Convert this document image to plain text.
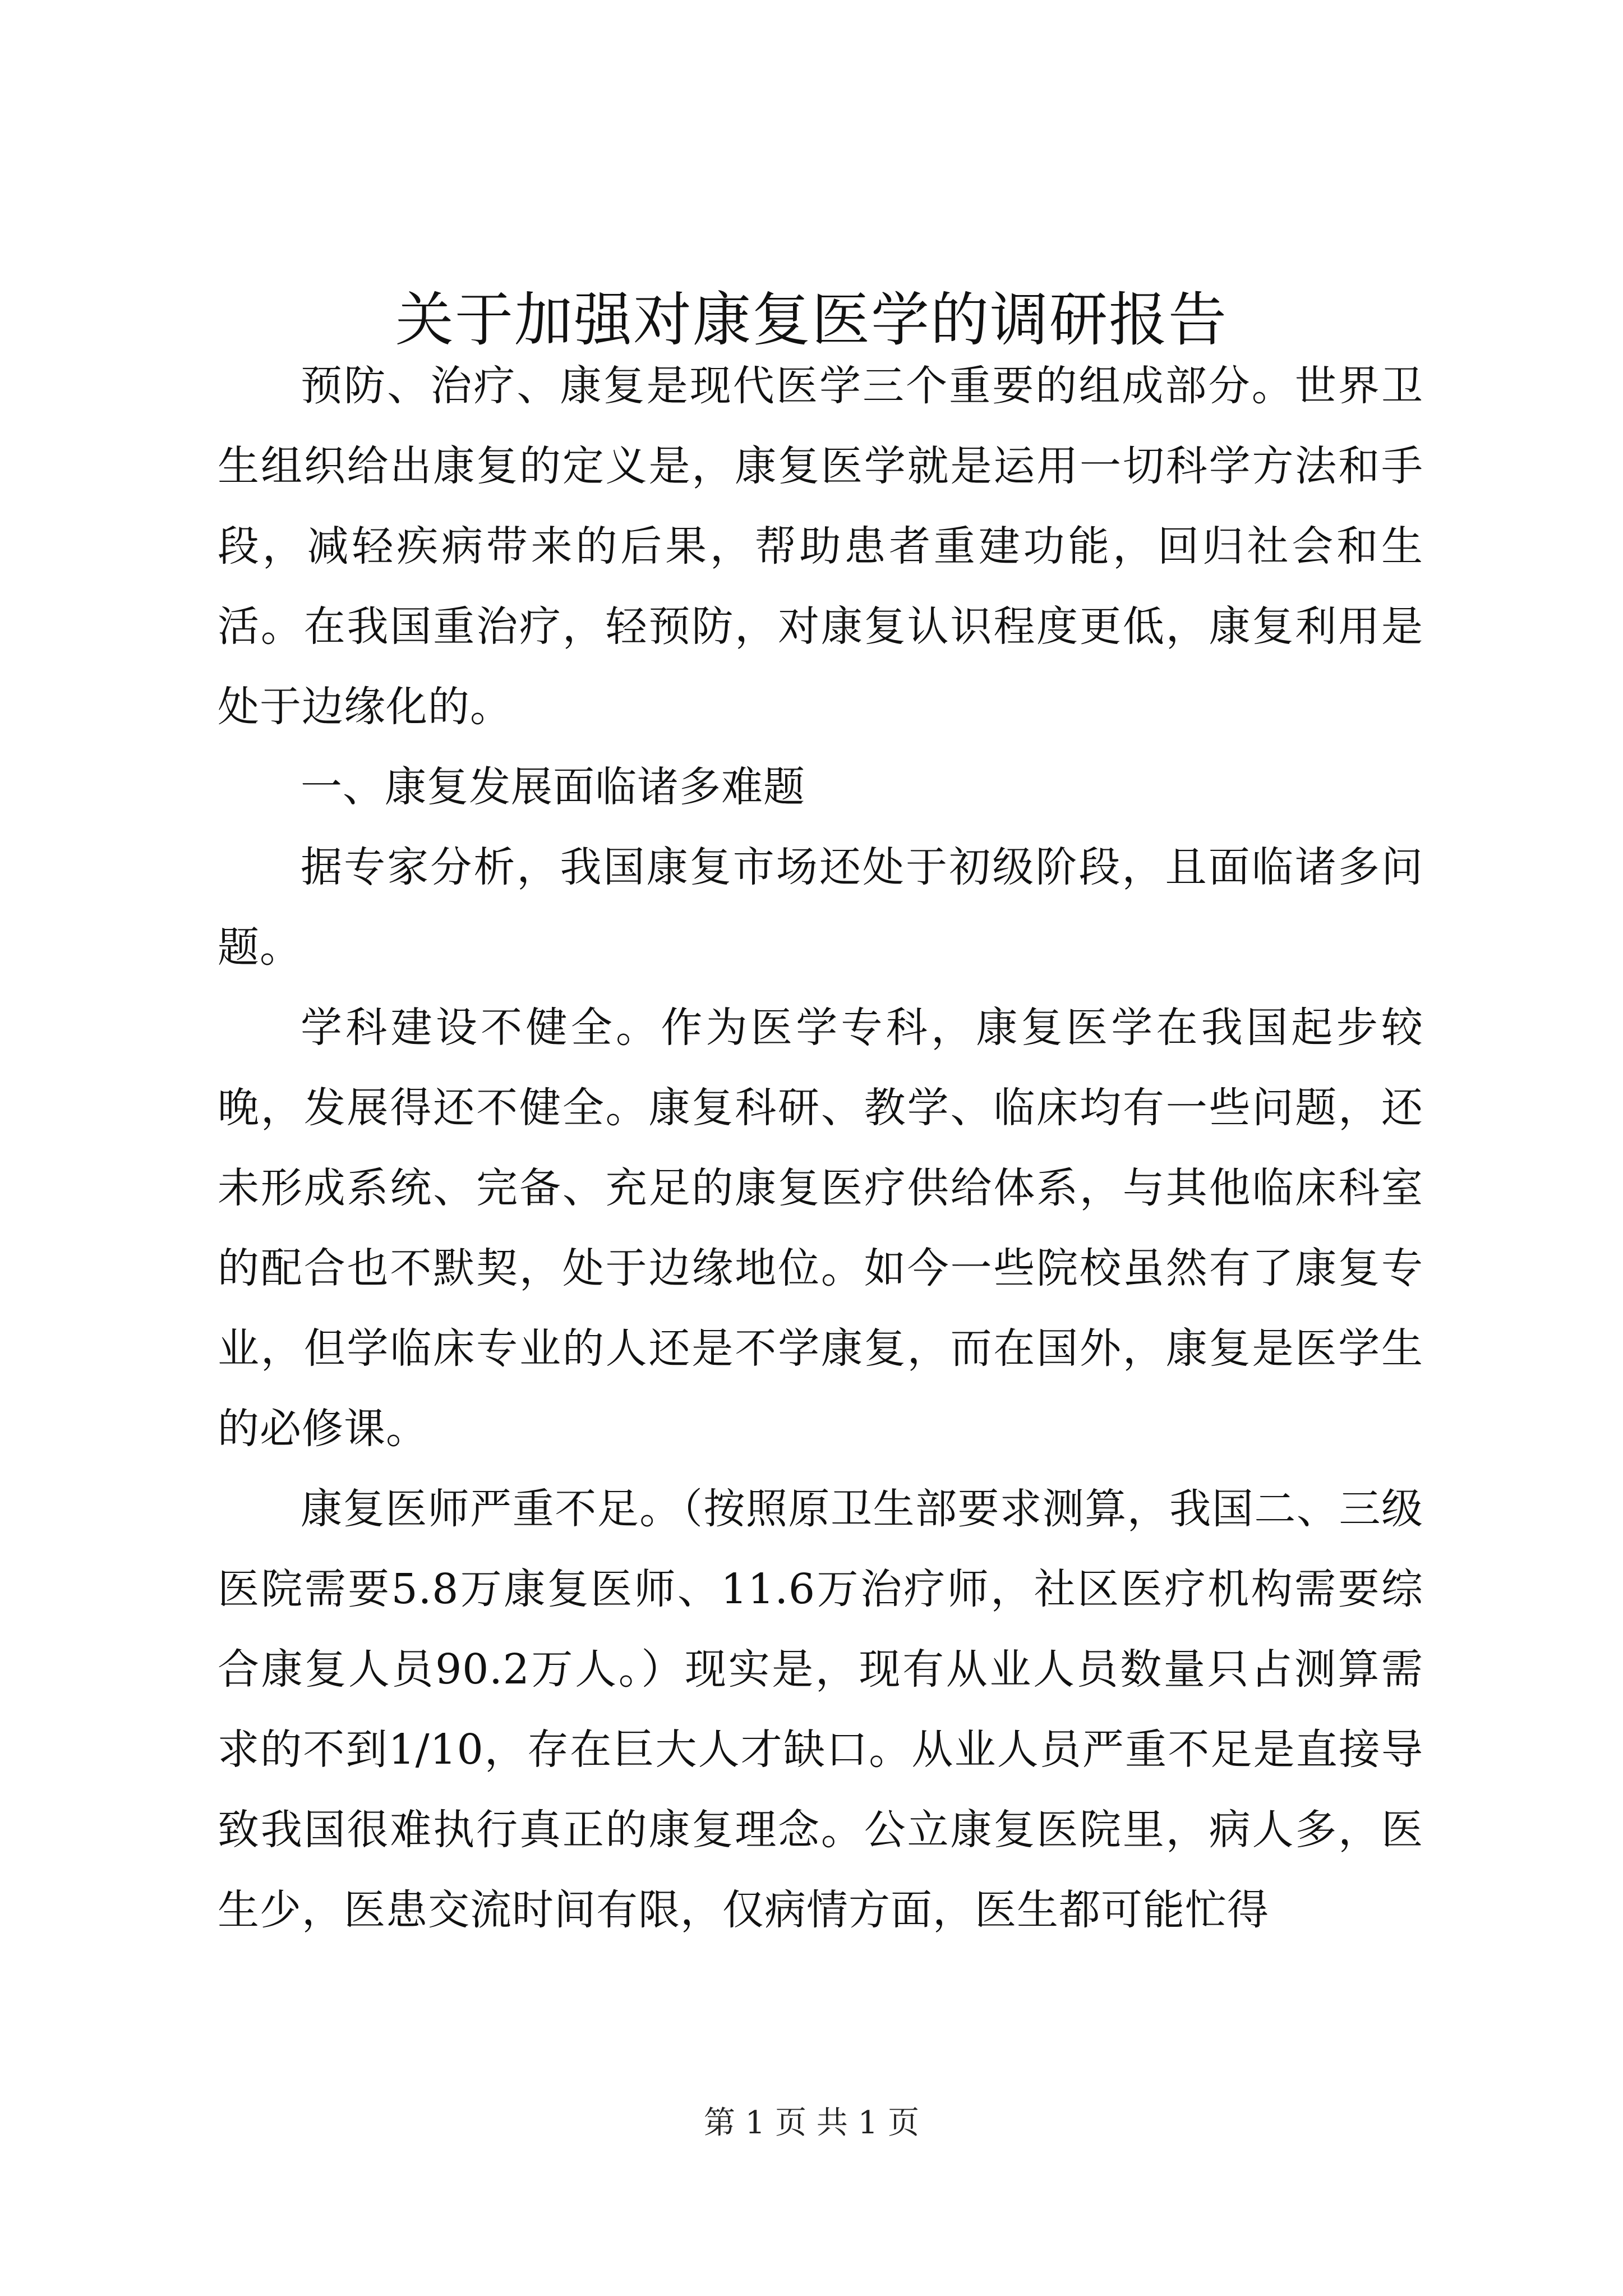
关于加强对康复医学的调研报告

预防、治疗、康复是现代医学三个重要的组成部分。世界卫生组织给出康复的定义是，康复医学就是运用一切科学方法和手段，减轻疾病带来的后果，帮助患者重建功能，回归社会和生活。在我国重治疗，轻预防，对康复认识程度更低，康复利用是处于边缘化的。

一、康复发展面临诸多难题

据专家分析，我国康复市场还处于初级阶段，且面临诸多问题。

学科建设不健全。作为医学专科，康复医学在我国起步较晚，发展得还不健全。康复科研、教学、临床均有一些问题，还未形成系统、完备、充足的康复医疗供给体系，与其他临床科室的配合也不默契，处于边缘地位。如今一些院校虽然有了康复专业，但学临床专业的人还是不学康复，而在国外，康复是医学生的必修课。

康复医师严重不足。（按照原卫生部要求测算，我国二、三级医院需要5.8万康复医师、11.6万治疗师，社区医疗机构需要综合康复人员90.2万人。）现实是，现有从业人员数量只占测算需求的不到1/10，存在巨大人才缺口。从业人员严重不足是直接导致我国很难执行真正的康复理念。公立康复医院里，病人多，医生少，医患交流时间有限，仅病情方面，医生都可能忙得

第 1 页 共 1 页
